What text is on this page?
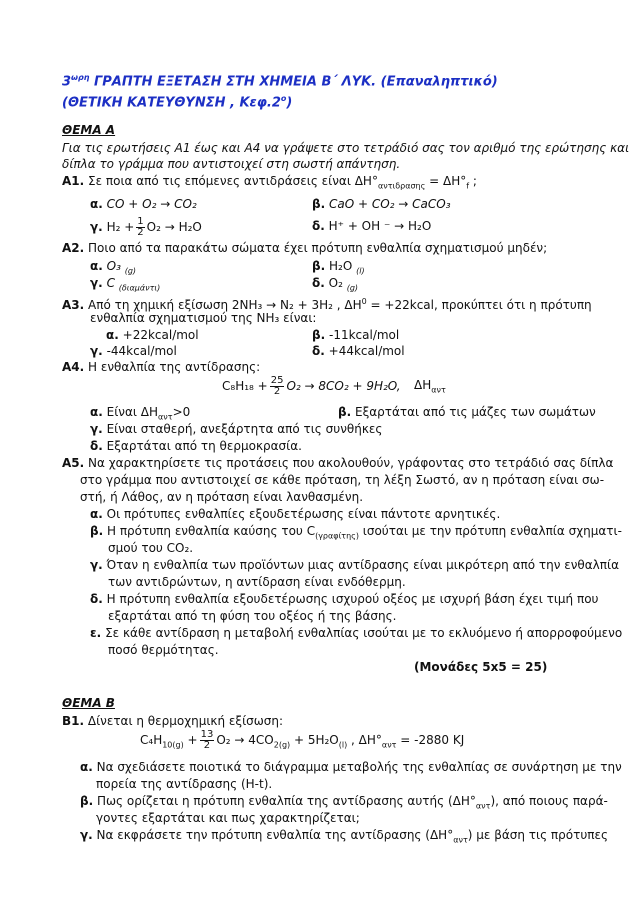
$3^{\omega\rho\eta}$ ΓΡΑΠΤΗ ΕΞΕΤΑΣΗ ΣΤΗ ΧΗΜΕΙΑ Β΄ ΛΥΚ. (Επαναληπτικό)
(ΘΕΤΙΚΗ ΚΑΤΕΥΘΥΝΣΗ , $K\varepsilon\varphi.2^o$)
ΘΕΜΑ Α
Για τις ερωτήσεις Α1 έως και Α4 να γράψετε στο τετράδιό σας τον αριθμό της ερώτησης και
δίπλα το γράμμα που αντιστοιχεί στη σωστή απάντηση.
Α1. Σε ποια από τις επόμενες αντιδράσεις είναι $\Delta H^\circ_{\alpha\nu\tau\iota\delta\rho\alpha\sigma\eta\varsigma} = \Delta H^\circ_f$ ;
α. CO + O₂ → CO₂	β. CaO + CO₂ → CaCO₃
γ. $H_2 + \frac{1}{2} O_2 \to H_2O$	δ. H⁺ + OH ⁻ → H₂O
Α2. Ποιο από τα παρακάτω σώματα έχει πρότυπη ενθαλπία σχηματισμού μηδέν;
α. O₃ $_{(g)}$	β. H₂O $_{(l)}$
γ. C $_{(\delta\iota\alpha\mu ά\nu\tau\iota)}$	δ. O₂ $_{(g)}$
Α3. Από τη χημική εξίσωση 2NH₃ → N₂ + 3H₂ , $\Delta H^0$ = +22kcal, προκύπτει ότι η πρότυπη
ενθαλπία σχηματισμού της NH₃ είναι:
α. +22kcal/mol	β. -11kcal/mol
γ. -44kcal/mol	δ. +44kcal/mol
Α4. Η ενθαλπία της αντίδρασης:
$C_8H_{18} + \frac{25}{2} O_2 \to 8CO_2 + 9H_2O$, $\Delta H_{\alpha\nu\tau}$
α. Είναι $\Delta H_{\alpha\nu\tau}>0$	β. Εξαρτάται από τις μάζες των σωμάτων
γ. Είναι σταθερή, ανεξάρτητα από τις συνθήκες
δ. Εξαρτάται από τη θερμοκρασία.
Α5. Να χαρακτηρίσετε τις προτάσεις που ακολουθούν, γράφοντας στο τετράδιό σας δίπλα
στο γράμμα που αντιστοιχεί σε κάθε πρόταση, τη λέξη Σωστό, αν η πρόταση είναι σω-
στή, ή Λάθος, αν η πρόταση είναι λανθασμένη.
α. Οι πρότυπες ενθαλπίες εξουδετέρωσης είναι πάντοτε αρνητικές.
β. Η πρότυπη ενθαλπία καύσης του $C_{(\gamma\rho\alpha\varphi ί\tau\eta\varsigma)}$ ισούται με την πρότυπη ενθαλπία σχηματι-
σμού του CO₂.
γ. Όταν η ενθαλπία των προϊόντων μιας αντίδρασης είναι μικρότερη από την ενθαλπία
των αντιδρώντων, η αντίδραση είναι ενδόθερμη.
δ. Η πρότυπη ενθαλπία εξουδετέρωσης ισχυρού οξέος με ισχυρή βάση έχει τιμή που
εξαρτάται από τη φύση του οξέος ή της βάσης.
ε. Σε κάθε αντίδραση η μεταβολή ενθαλπίας ισούται με το εκλυόμενο ή απορροφούμενο
ποσό θερμότητας.
(Μονάδες 5x5 = 25)
ΘΕΜΑ Β
Β1. Δίνεται η θερμοχημική εξίσωση:
$C_4H_{10(g)} + \frac{13}{2} O_2 \to 4CO_{2(g)} + 5H_2O_{(l)}$ , $\Delta H^\circ_{\alpha\nu\tau} = -2880$ KJ
α. Να σχεδιάσετε ποιοτικά το διάγραμμα μεταβολής της ενθαλπίας σε συνάρτηση με την
πορεία της αντίδρασης (Η-t).
β. Πως ορίζεται η πρότυπη ενθαλπία της αντίδρασης αυτής $(\Delta H^\circ_{\alpha\nu\tau})$, από ποιους παρά-
γοντες εξαρτάται και πως χαρακτηρίζεται;
γ. Να εκφράσετε την πρότυπη ενθαλπία της αντίδρασης $(\Delta H^\circ_{\alpha\nu\tau})$ με βάση τις πρότυπες
